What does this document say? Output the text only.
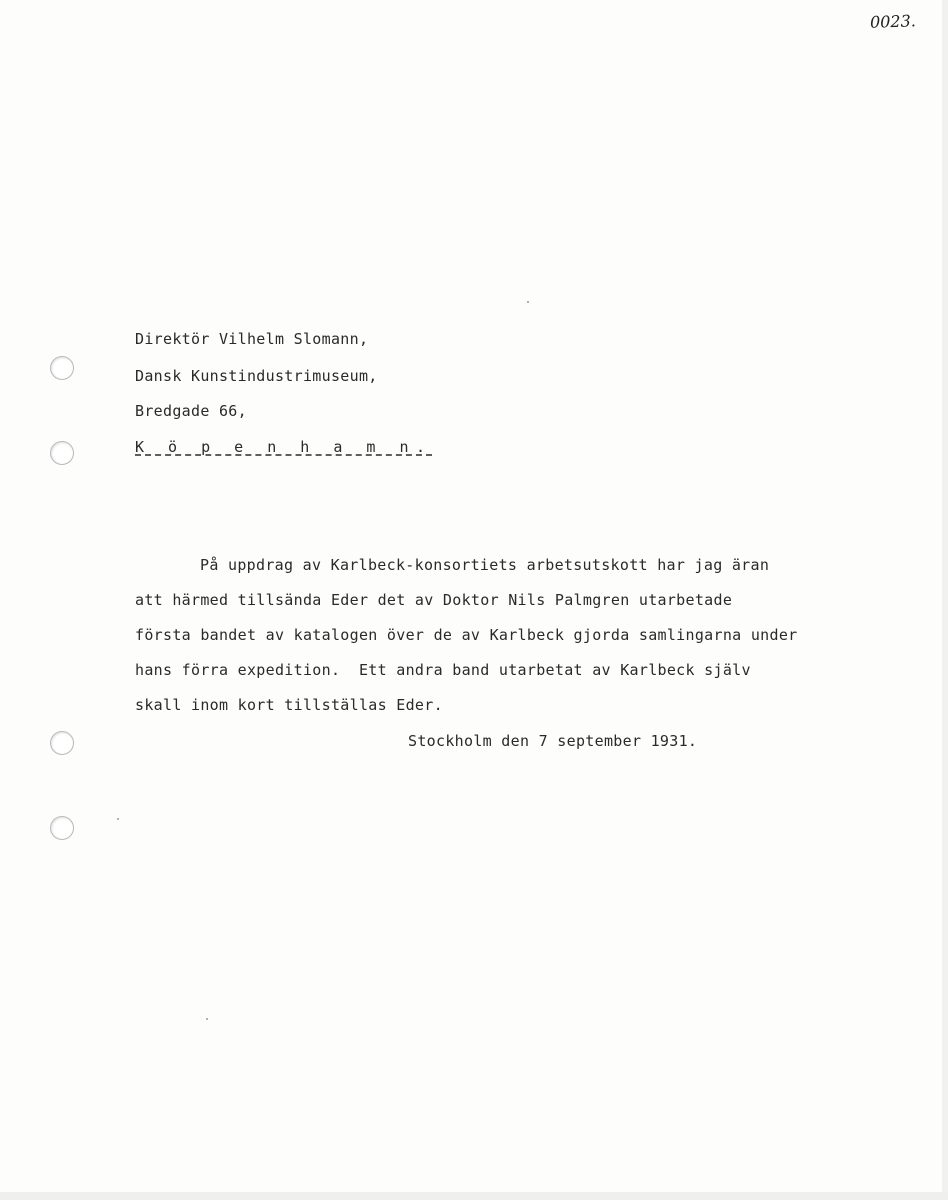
0023.
Direktör Vilhelm Slomann,
Dansk Kunstindustrimuseum,
Bredgade 66,
K ö p e n h a m n.
På uppdrag av Karlbeck-konsortiets arbetsutskott har jag äran
att härmed tillsända Eder det av Doktor Nils Palmgren utarbetade
första bandet av katalogen över de av Karlbeck gjorda samlingarna under
hans förra expedition.  Ett andra band utarbetat av Karlbeck själv
skall inom kort tillställas Eder.
Stockholm den 7 september 1931.
